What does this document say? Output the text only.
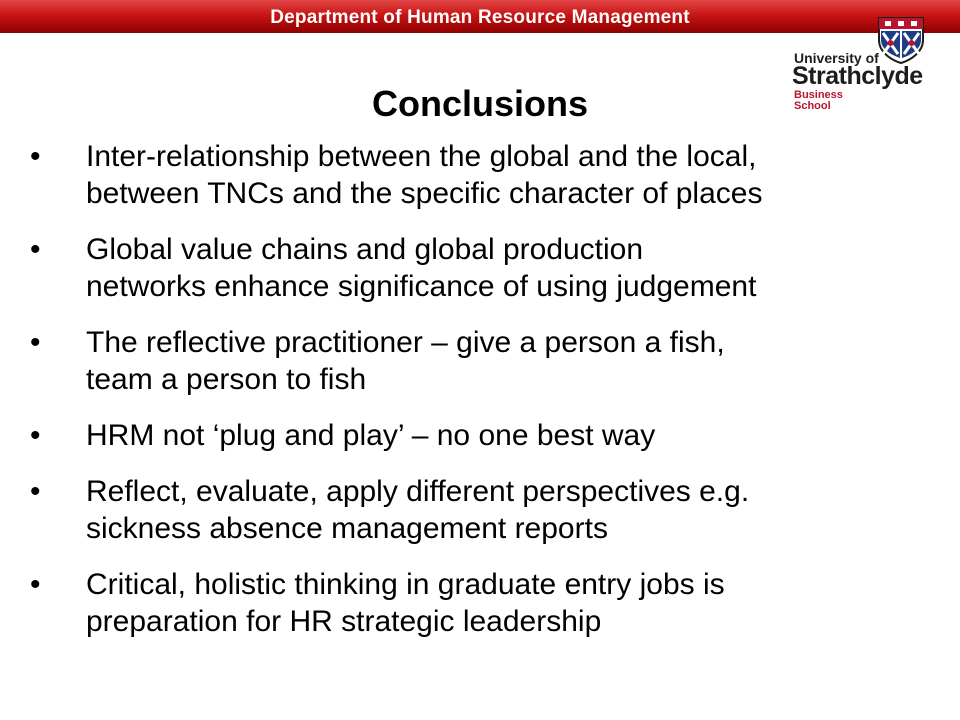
Department of Human Resource Management
University of
Strathclyde
Business
School
Conclusions
• Inter-relationship between the global and the local,
between TNCs and the specific character of places
• Global value chains and global production
networks enhance significance of using judgement
• The reflective practitioner – give a person a fish,
team a person to fish
• HRM not ‘plug and play’ – no one best way
• Reflect, evaluate, apply different perspectives e.g.
sickness absence management reports
• Critical, holistic thinking in graduate entry jobs is
preparation for HR strategic leadership
